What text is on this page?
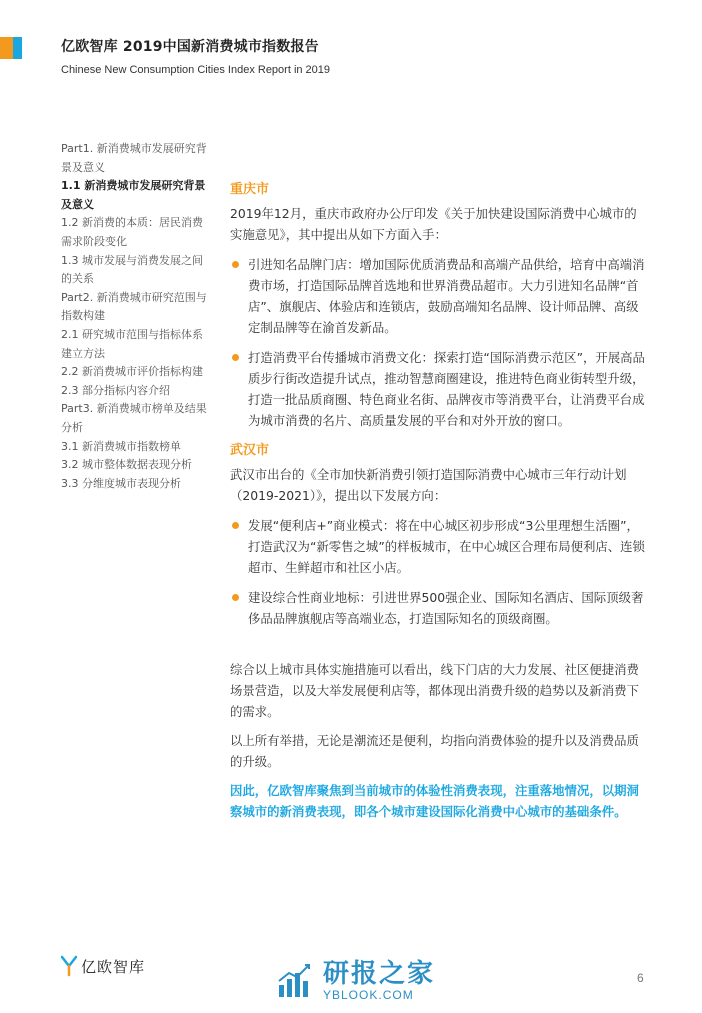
亿欧智库 2019中国新消费城市指数报告
Chinese New Consumption Cities Index Report in 2019
Part1. 新消费城市发展研究背景及意义
1.1 新消费城市发展研究背景及意义
1.2 新消费的本质：居民消费需求阶段变化
1.3 城市发展与消费发展之间的关系
Part2. 新消费城市研究范围与指数构建
2.1 研究城市范围与指标体系建立方法
2.2 新消费城市评价指标构建
2.3 部分指标内容介绍
Part3. 新消费城市榜单及结果分析
3.1 新消费城市指数榜单
3.2 城市整体数据表现分析
3.3 分维度城市表现分析
重庆市

2019年12月，重庆市政府办公厅印发《关于加快建设国际消费中心城市的实施意见》，其中提出从如下方面入手：

引进知名品牌门店：增加国际优质消费品和高端产品供给，培育中高端消费市场，打造国际品牌首选地和世界消费品超市。大力引进知名品牌“首店”、旗舰店、体验店和连锁店，鼓励高端知名品牌、设计师品牌、高级定制品牌等在渝首发新品。
打造消费平台传播城市消费文化：探索打造“国际消费示范区”，开展高品质步行街改造提升试点，推动智慧商圈建设，推进特色商业街转型升级，打造一批品质商圈、特色商业名街、品牌夜市等消费平台，让消费平台成为城市消费的名片、高质量发展的平台和对外开放的窗口。
武汉市

武汉市出台的《全市加快新消费引领打造国际消费中心城市三年行动计划（2019-2021）》，提出以下发展方向：

发展“便利店+”商业模式：将在中心城区初步形成“3公里理想生活圈”，打造武汉为“新零售之城”的样板城市，在中心城区合理布局便利店、连锁超市、生鲜超市和社区小店。
建设综合性商业地标：引进世界500强企业、国际知名酒店、国际顶级奢侈品品牌旗舰店等高端业态，打造国际知名的顶级商圈。

综合以上城市具体实施措施可以看出，线下门店的大力发展、社区便捷消费场景营造，以及大举发展便利店等，都体现出消费升级的趋势以及新消费下的需求。

以上所有举措，无论是潮流还是便利，均指向消费体验的提升以及消费品质的升级。

因此，亿欧智库聚焦到当前城市的体验性消费表现，注重落地情况，以期洞察城市的新消费表现，即各个城市建设国际化消费中心城市的基础条件。

亿欧智库	研报之家
YBLOOK.COM
6
